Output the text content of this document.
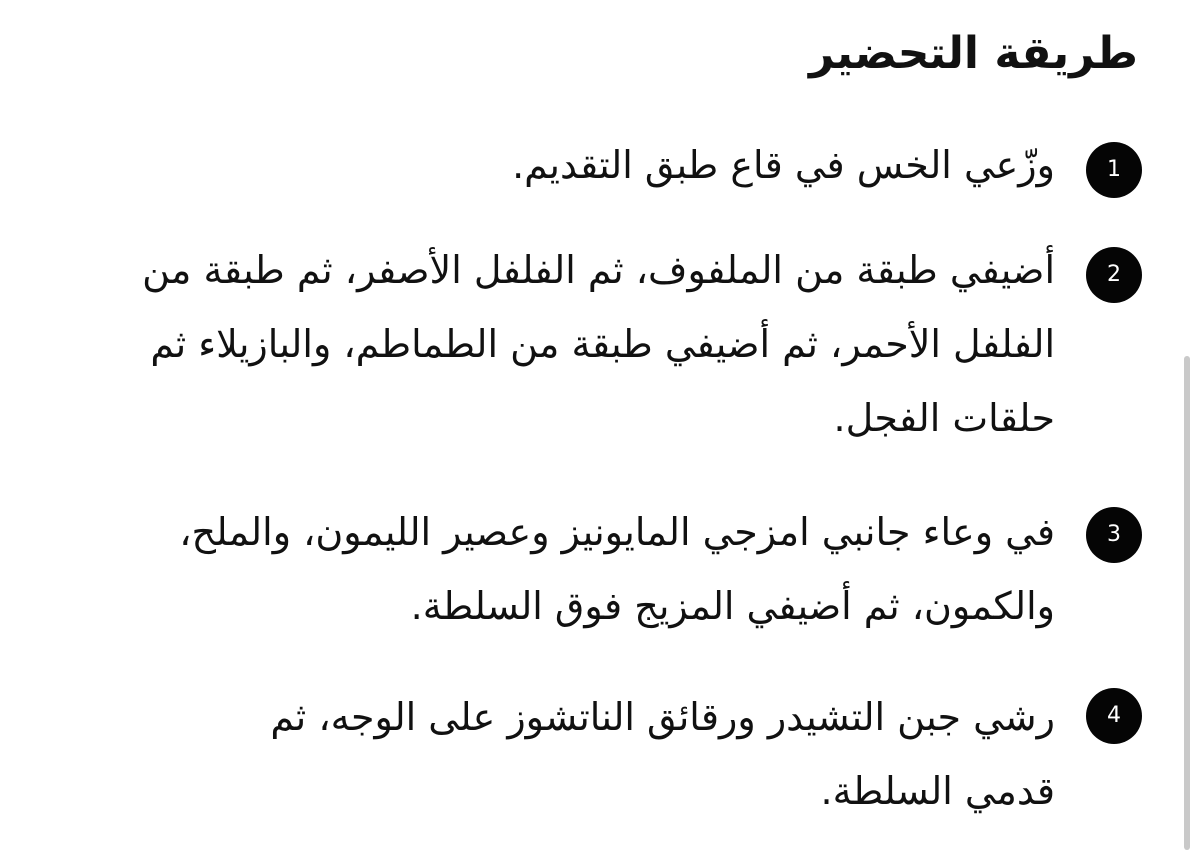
طريقة التحضير
1

وزّعي الخس في قاع طبق التقديم.

2

أضيفي طبقة من الملفوف، ثم الفلفل الأصفر، ثم طبقة من الفلفل الأحمر، ثم أضيفي طبقة من الطماطم، والبازيلاء ثم حلقات الفجل.

3

في وعاء جانبي امزجي المايونيز وعصير الليمون، والملح، والكمون، ثم أضيفي المزيج فوق السلطة.

4

رشي جبن التشيدر ورقائق الناتشوز على الوجه، ثم قدمي السلطة.
